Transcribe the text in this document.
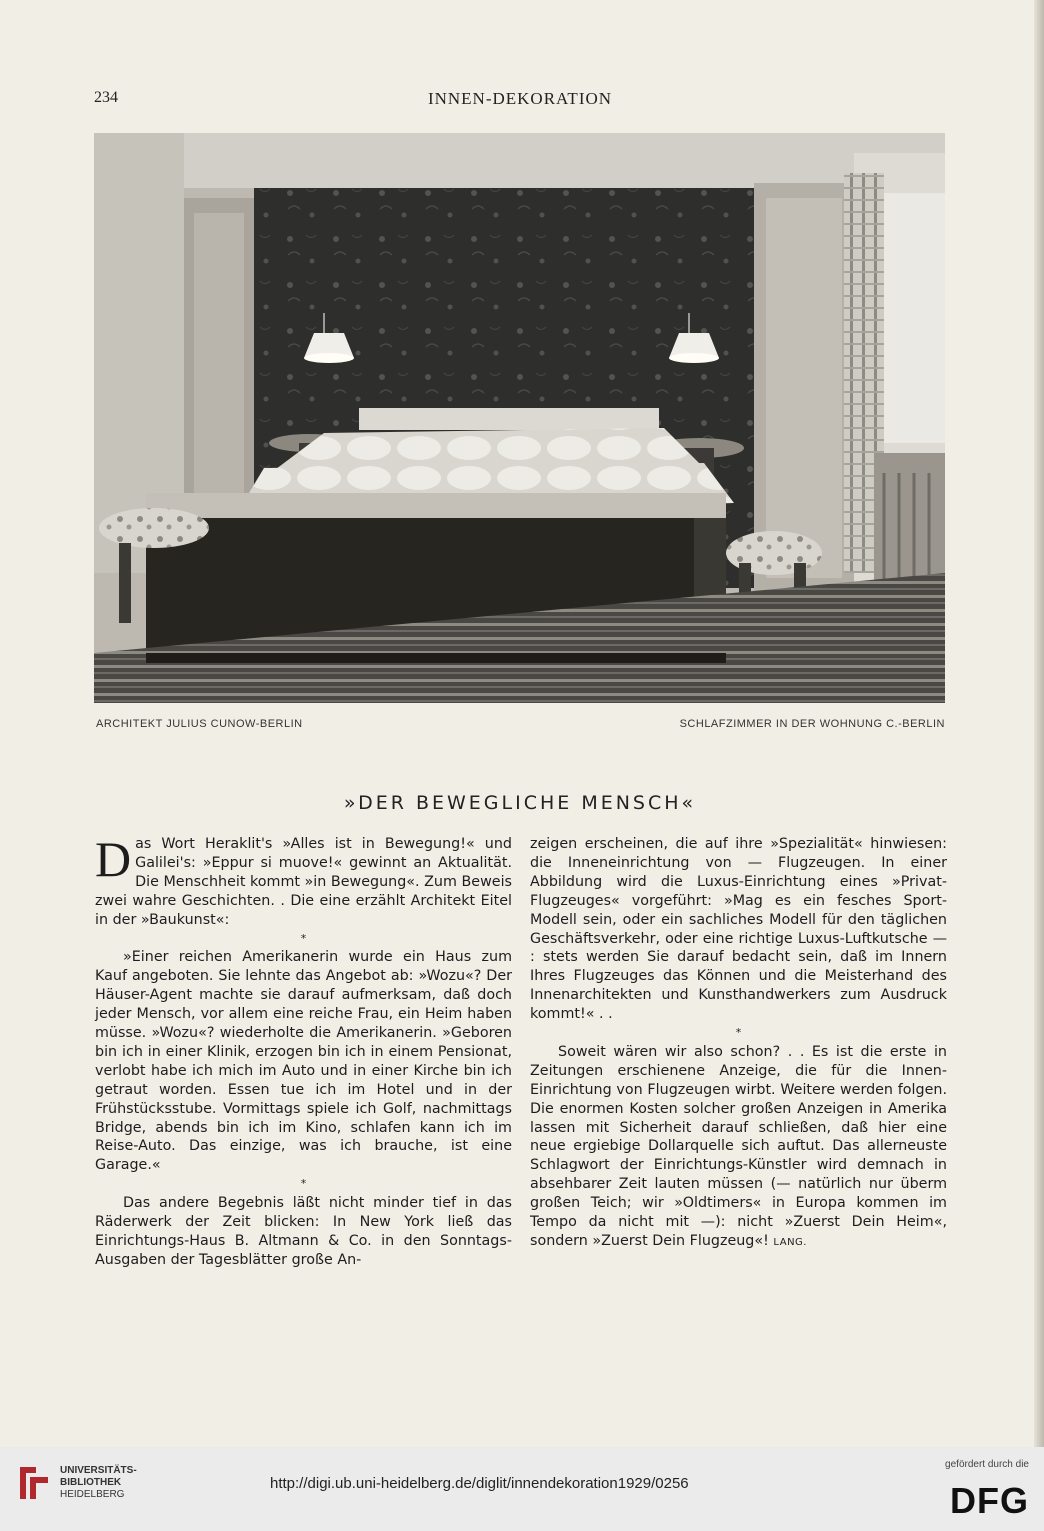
234	INNEN-DEKORATION
ARCHITEKT JULIUS CUNOW-BERLIN	SCHLAFZIMMER IN DER WOHNUNG C.-BERLIN
»DER BEWEGLICHE MENSCH«

Das Wort Heraklit's »Alles ist in Bewegung!« und Galilei's: »Eppur si muove!« gewinnt an Aktualität. Die Menschheit kommt »in Bewegung«. Zum Beweis zwei wahre Geschichten. . Die eine erzählt Architekt Eitel in der »Baukunst«:

*

»Einer reichen Amerikanerin wurde ein Haus zum Kauf angeboten. Sie lehnte das Angebot ab: »Wozu«? Der Häuser-Agent machte sie darauf aufmerksam, daß doch jeder Mensch, vor allem eine reiche Frau, ein Heim haben müsse. »Wozu«? wiederholte die Amerikanerin. »Geboren bin ich in einer Klinik, erzogen bin ich in einem Pensionat, verlobt habe ich mich im Auto und in einer Kirche bin ich getraut worden. Essen tue ich im Hotel und in der Frühstücksstube. Vormittags spiele ich Golf, nachmittags Bridge, abends bin ich im Kino, schlafen kann ich im Reise-Auto. Das einzige, was ich brauche, ist eine Garage.«

*

Das andere Begebnis läßt nicht minder tief in das Räderwerk der Zeit blicken: In New York ließ das Einrichtungs-Haus B. Altmann & Co. in den Sonntags-Ausgaben der Tagesblätter große An-

zeigen erscheinen, die auf ihre »Spezialität« hinwiesen: die Inneneinrichtung von — Flugzeugen. In einer Abbildung wird die Luxus-Einrichtung eines »Privat-Flugzeuges« vorgeführt: »Mag es ein fesches Sport-Modell sein, oder ein sachliches Modell für den täglichen Geschäftsverkehr, oder eine richtige Luxus-Luftkutsche — : stets werden Sie darauf bedacht sein, daß im Innern Ihres Flugzeuges das Können und die Meisterhand des Innenarchitekten und Kunsthandwerkers zum Ausdruck kommt!« . .

*

Soweit wären wir also schon? . . Es ist die erste in Zeitungen erschienene Anzeige, die für die Innen-Einrichtung von Flugzeugen wirbt. Weitere werden folgen. Die enormen Kosten solcher großen Anzeigen in Amerika lassen mit Sicherheit darauf schließen, daß hier eine neue ergiebige Dollarquelle sich auftut. Das allerneuste Schlagwort der Einrichtungs-Künstler wird demnach in absehbarer Zeit lauten müssen (— natürlich nur überm großen Teich; wir »Oldtimers« in Europa kommen im Tempo da nicht mit —): nicht »Zuerst Dein Heim«, sondern »Zuerst Dein Flugzeug«! LANG.

UNIVERSITÄTS-
BIBLIOTHEK
HEIDELBERG
http://digi.ub.uni-heidelberg.de/diglit/innendekoration1929/0256
gefördert durch die
DFG
